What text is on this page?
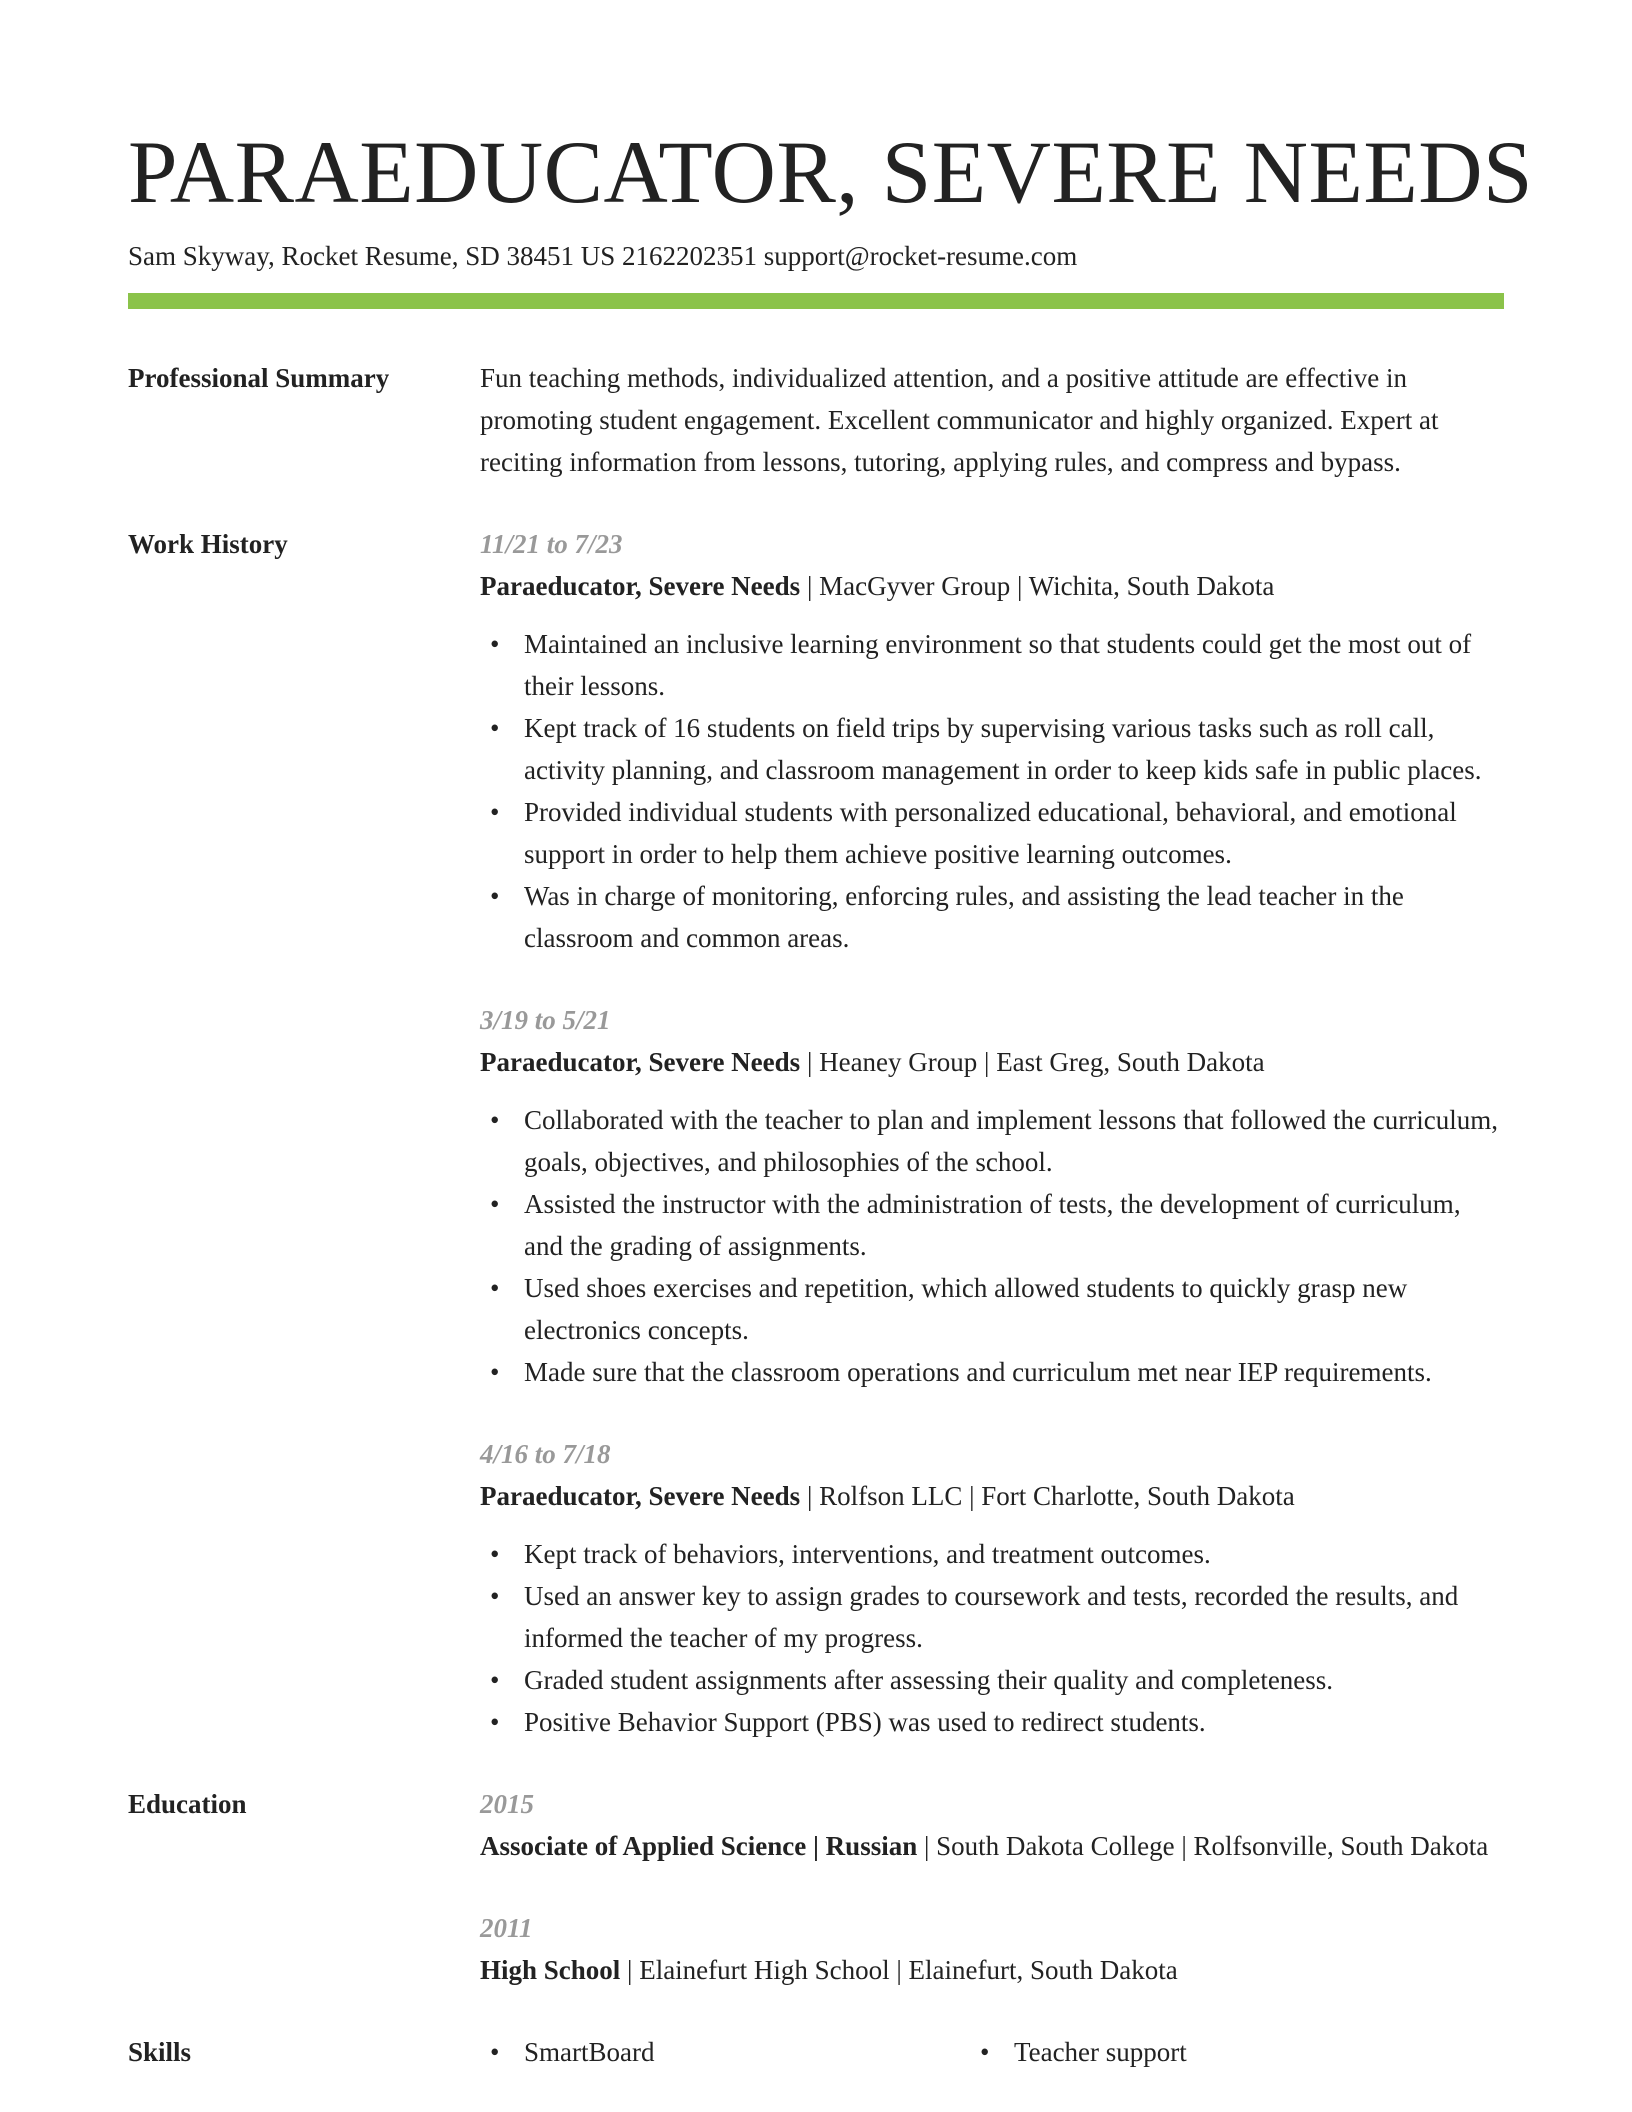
PARAEDUCATOR, SEVERE NEEDS
Sam Skyway, Rocket Resume, SD 38451 US 2162202351 support@rocket-resume.com
Professional Summary	Fun teaching methods, individualized attention, and a positive attitude are effective in promoting student engagement. Excellent communicator and highly organized. Expert at reciting information from lessons, tutoring, applying rules, and compress and bypass.

Work History	11/21 to 7/23

Paraeducator, Severe Needs | MacGyver Group | Wichita, South Dakota

• Maintained an inclusive learning environment so that students could get the most out of their lessons.
• Kept track of 16 students on field trips by supervising various tasks such as roll call, activity planning, and classroom management in order to keep kids safe in public places.
• Provided individual students with personalized educational, behavioral, and emotional support in order to help them achieve positive learning outcomes.
• Was in charge of monitoring, enforcing rules, and assisting the lead teacher in the classroom and common areas.
3/19 to 5/21

Paraeducator, Severe Needs | Heaney Group | East Greg, South Dakota

• Collaborated with the teacher to plan and implement lessons that followed the curriculum, goals, objectives, and philosophies of the school.
• Assisted the instructor with the administration of tests, the development of curriculum, and the grading of assignments.
• Used shoes exercises and repetition, which allowed students to quickly grasp new electronics concepts.
• Made sure that the classroom operations and curriculum met near IEP requirements.
4/16 to 7/18

Paraeducator, Severe Needs | Rolfson LLC | Fort Charlotte, South Dakota

• Kept track of behaviors, interventions, and treatment outcomes.
• Used an answer key to assign grades to coursework and tests, recorded the results, and informed the teacher of my progress.
• Graded student assignments after assessing their quality and completeness.
• Positive Behavior Support (PBS) was used to redirect students.
Education	2015

Associate of Applied Science | Russian | South Dakota College | Rolfsonville, South Dakota

2011

High School | Elainefurt High School | Elainefurt, South Dakota

Skills	• SmartBoard	• Teacher support
